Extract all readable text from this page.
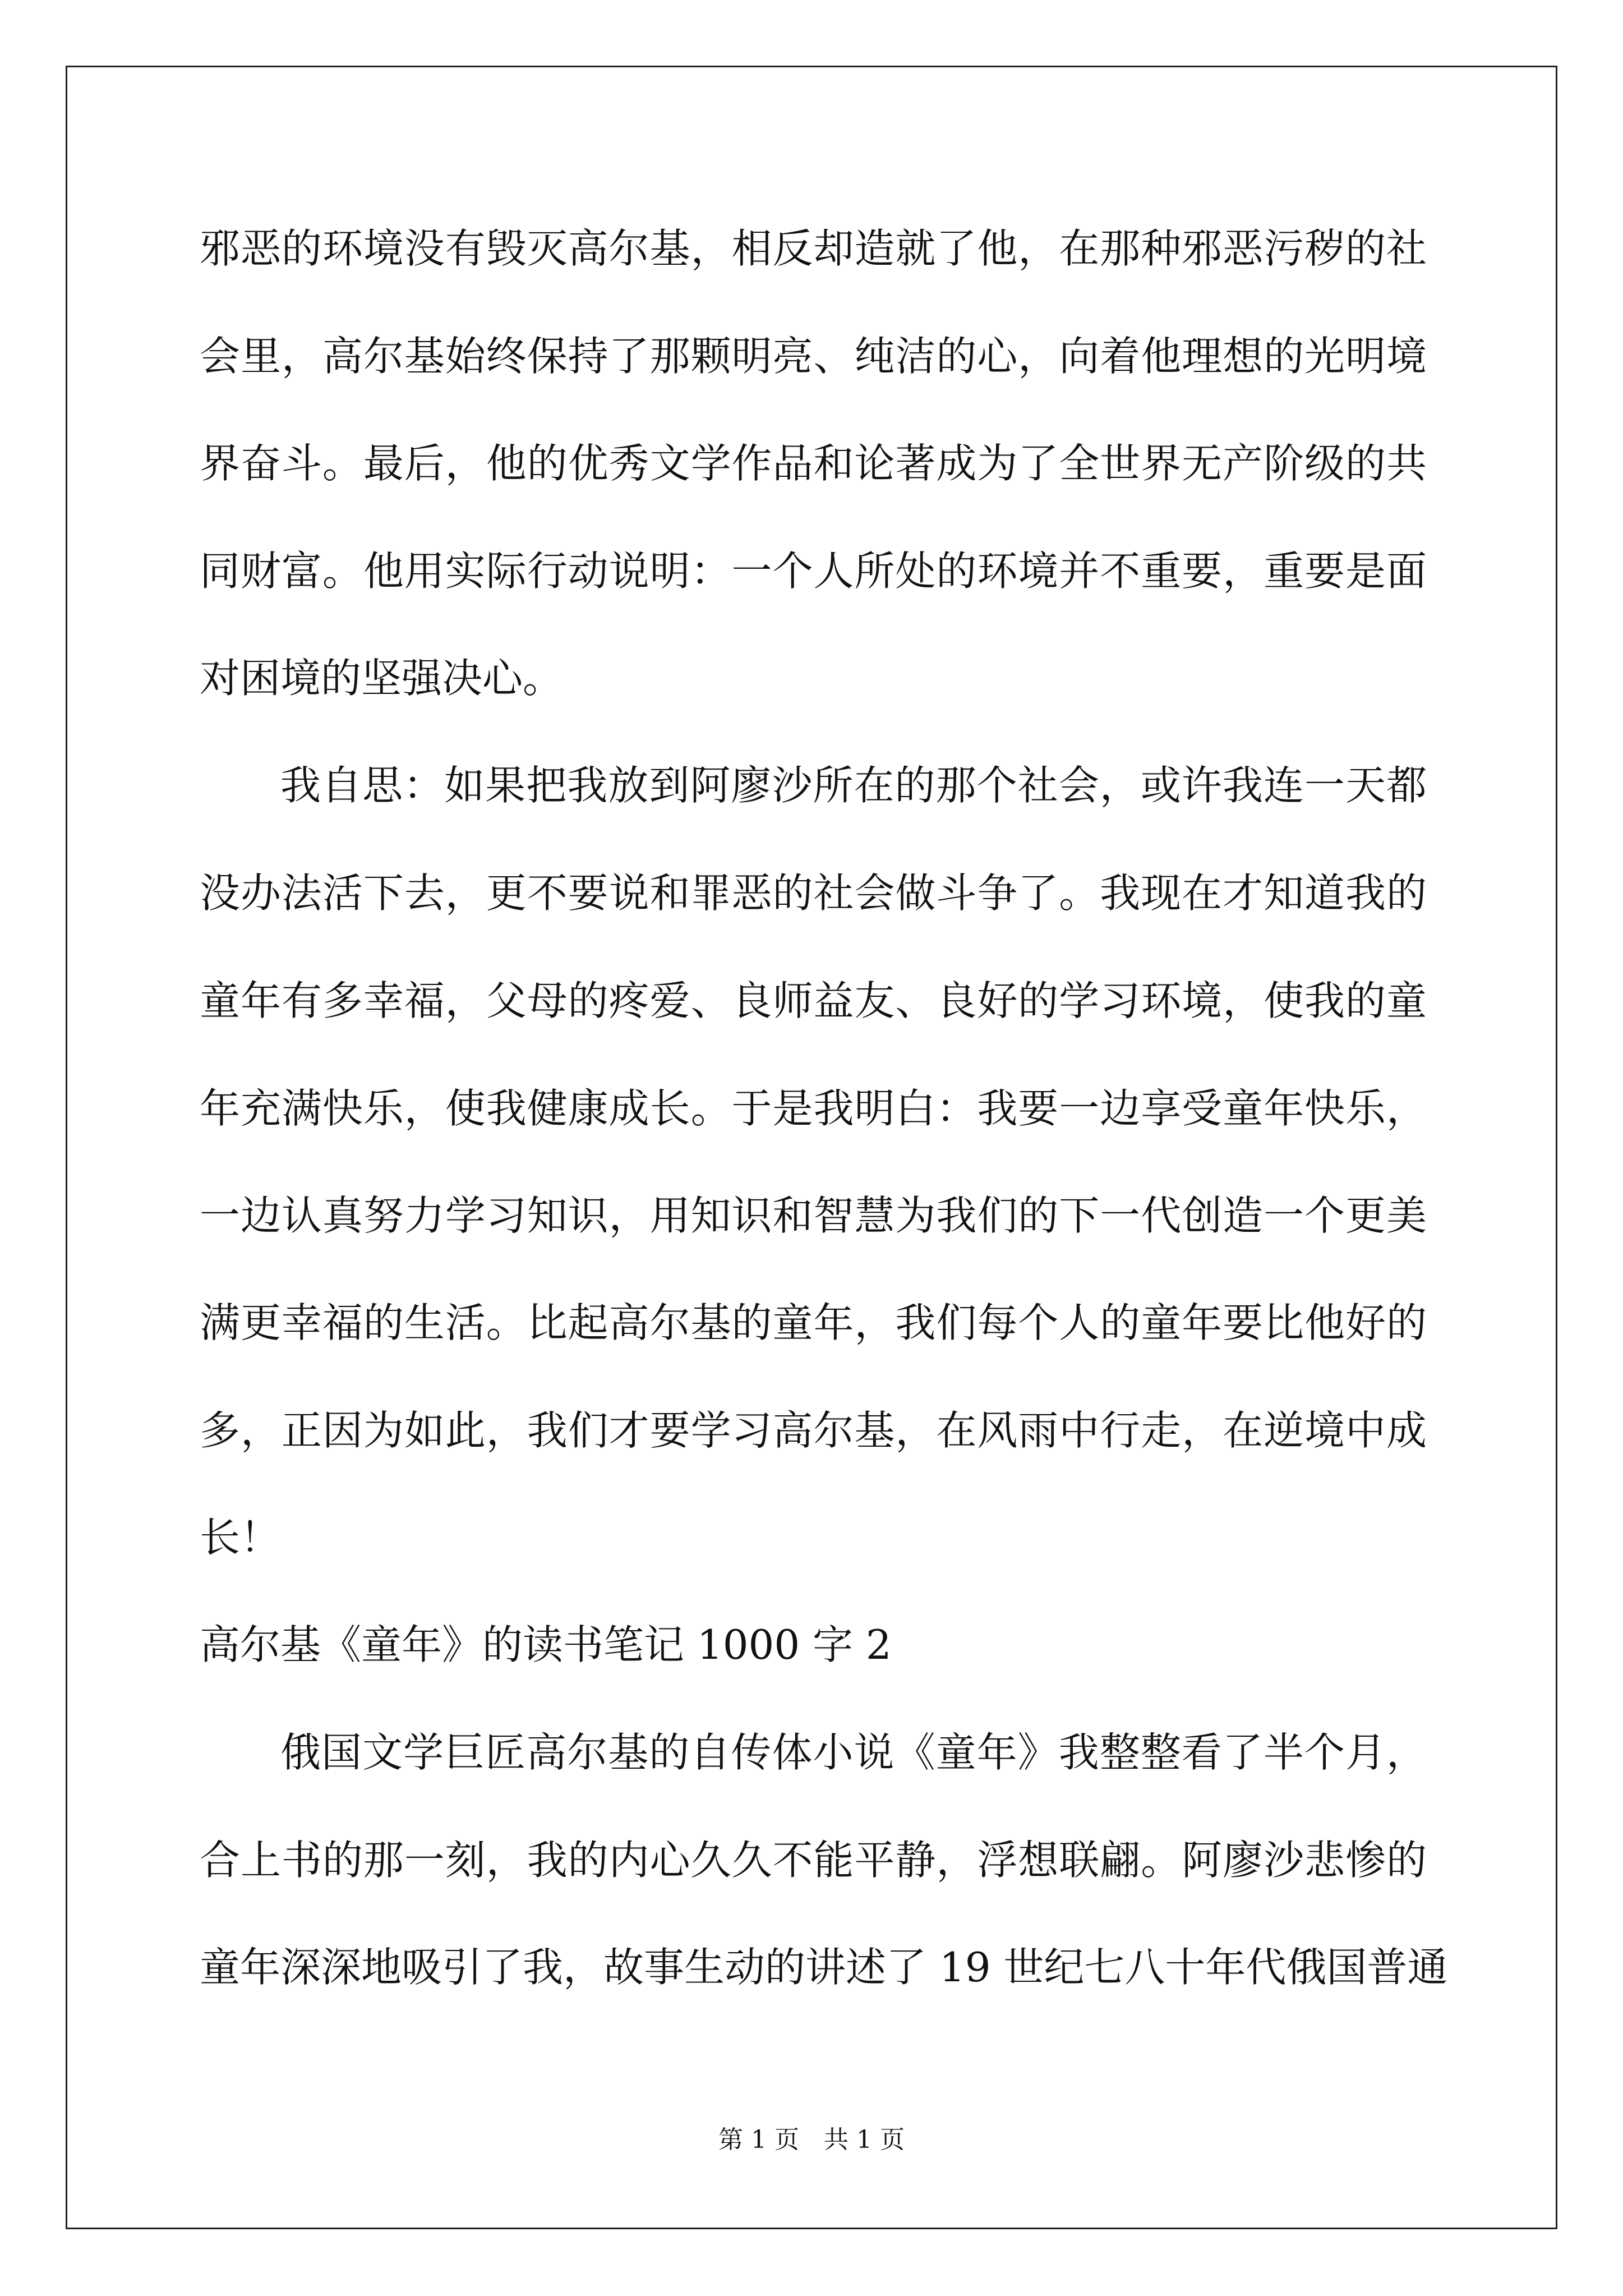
邪恶的环境没有毁灭高尔基，相反却造就了他，在那种邪恶污秽的社
会里，高尔基始终保持了那颗明亮、纯洁的心，向着他理想的光明境
界奋斗。最后，他的优秀文学作品和论著成为了全世界无产阶级的共
同财富。他用实际行动说明：一个人所处的环境并不重要，重要是面
对困境的坚强决心。
我自思：如果把我放到阿廖沙所在的那个社会，或许我连一天都
没办法活下去，更不要说和罪恶的社会做斗争了。我现在才知道我的
童年有多幸福，父母的疼爱、良师益友、良好的学习环境，使我的童
年充满快乐，使我健康成长。于是我明白：我要一边享受童年快乐，
一边认真努力学习知识，用知识和智慧为我们的下一代创造一个更美
满更幸福的生活。比起高尔基的童年，我们每个人的童年要比他好的
多，正因为如此，我们才要学习高尔基，在风雨中行走，在逆境中成
长！
高尔基《童年》的读书笔记 1000 字 2
俄国文学巨匠高尔基的自传体小说《童年》我整整看了半个月，
合上书的那一刻，我的内心久久不能平静，浮想联翩。阿廖沙悲惨的
童年深深地吸引了我，故事生动的讲述了 19 世纪七八十年代俄国普通
第 1 页　共 1 页
